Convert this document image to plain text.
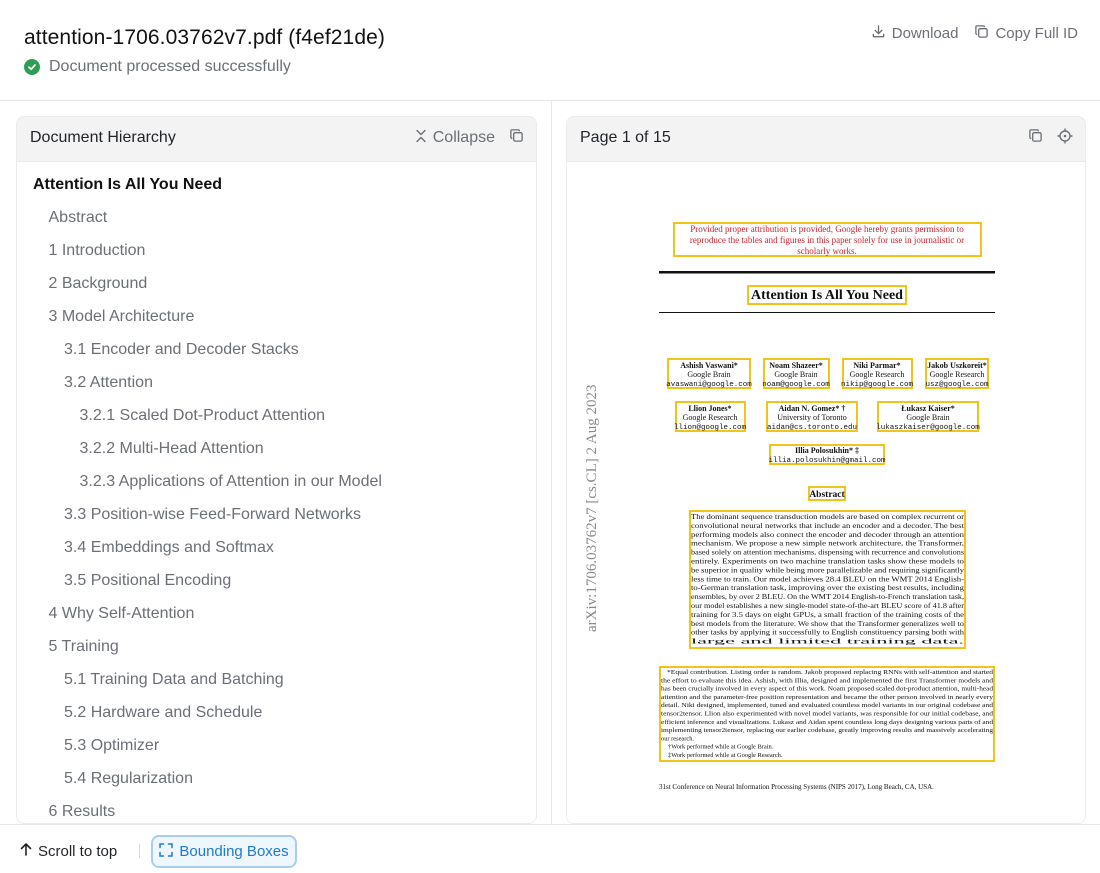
attention-1706.03762v7.pdf (f4ef21de)
Document processed successfully
Download Copy Full ID
Document Hierarchy	Collapse
Attention Is All You Need
Abstract
1 Introduction
2 Background
3 Model Architecture
3.1 Encoder and Decoder Stacks
3.2 Attention
3.2.1 Scaled Dot-Product Attention
3.2.2 Multi-Head Attention
3.2.3 Applications of Attention in our Model
3.3 Position-wise Feed-Forward Networks
3.4 Embeddings and Softmax
3.5 Positional Encoding
4 Why Self-Attention
5 Training
5.1 Training Data and Batching
5.2 Hardware and Schedule
5.3 Optimizer
5.4 Regularization
6 Results
Page 1 of 15
Provided proper attribution is provided, Google hereby grants permission to
reproduce the tables and figures in this paper solely for use in journalistic or
scholarly works.
Attention Is All You Need
arXiv:1706.03762v7 [cs.CL] 2 Aug 2023
Ashish Vaswani*
Google Brain
avaswani@google.com
Noam Shazeer*
Google Brain
noam@google.com
Niki Parmar*
Google Research
nikip@google.com
Jakob Uszkoreit*
Google Research
usz@google.com
Llion Jones*
Google Research
llion@google.com
Aidan N. Gomez* †
University of Toronto
aidan@cs.toronto.edu
Łukasz Kaiser*
Google Brain
lukaszkaiser@google.com
Illia Polosukhin* ‡
illia.polosukhin@gmail.com
Abstract
The dominant sequence transduction models are based on complex recurrent or
convolutional neural networks that include an encoder and a decoder. The best
performing models also connect the encoder and decoder through an attention
mechanism. We propose a new simple network architecture, the Transformer,
based solely on attention mechanisms, dispensing with recurrence and convolutions
entirely. Experiments on two machine translation tasks show these models to
be superior in quality while being more parallelizable and requiring significantly
less time to train. Our model achieves 28.4 BLEU on the WMT 2014 English-
to-German translation task, improving over the existing best results, including
ensembles, by over 2 BLEU. On the WMT 2014 English-to-French translation task,
our model establishes a new single-model state-of-the-art BLEU score of 41.8 after
training for 3.5 days on eight GPUs, a small fraction of the training costs of the
best models from the literature. We show that the Transformer generalizes well to
other tasks by applying it successfully to English constituency parsing both with
large and limited training data.
*Equal contribution. Listing order is random. Jakob proposed replacing RNNs with self-attention and started
the effort to evaluate this idea. Ashish, with Illia, designed and implemented the first Transformer models and
has been crucially involved in every aspect of this work. Noam proposed scaled dot-product attention, multi-head
attention and the parameter-free position representation and became the other person involved in nearly every
detail. Niki designed, implemented, tuned and evaluated countless model variants in our original codebase and
tensor2tensor. Llion also experimented with novel model variants, was responsible for our initial codebase, and
efficient inference and visualizations. Lukasz and Aidan spent countless long days designing various parts of and
implementing tensor2tensor, replacing our earlier codebase, greatly improving results and massively accelerating
our research.
†Work performed while at Google Brain.
‡Work performed while at Google Research.
31st Conference on Neural Information Processing Systems (NIPS 2017), Long Beach, CA, USA.
Scroll to top	Bounding Boxes
